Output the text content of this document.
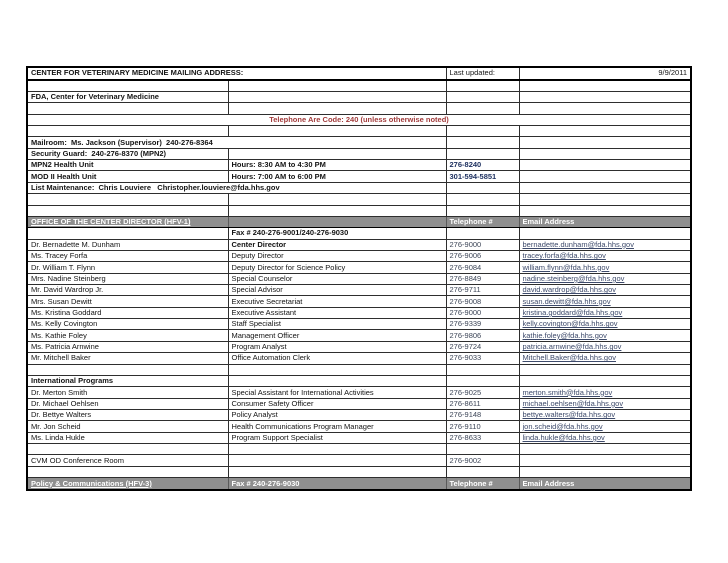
CENTER FOR VETERINARY MEDICINE MAILING ADDRESS:		Last updated:	9/9/2011

FDA, Center for Veterinary Medicine			

Telephone Are Code: 240 (unless otherwise noted)			

Mailroom:  Ms. Jackson (Supervisor)  240-276-8364			
Security Guard:  240-276-8370 (MPN2)			
MPN2 Health Unit	Hours: 8:30 AM to 4:30 PM	276-8240	
MOD II Health Unit	Hours: 7:00 AM to 6:00 PM	301-594-5851	
List Maintenance:  Chris Louviere   Christopher.louviere@fda.hhs.gov			

OFFICE OF THE CENTER DIRECTOR (HFV-1)		Telephone #	Email Address
	Fax # 240-276-9001/240-276-9030		
Dr. Bernadette M. Dunham	Center Director	276-9000	bernadette.dunham@fda.hhs.gov
Ms. Tracey Forfa	Deputy Director	276-9006	tracey.forfa@fda.hhs.gov
Dr. William T. Flynn	Deputy Director for Science Policy	276-9084	william.flynn@fda.hhs.gov
Mrs. Nadine Steinberg	Special Counselor	276-8849	nadine.steinberg@fda.hhs.gov
Mr. David Wardrop Jr.	Special Advisor	276-9711	david.wardrop@fda.hhs.gov
Mrs. Susan Dewitt	Executive Secretariat	276-9008	susan.dewitt@fda.hhs.gov
Ms. Kristina Goddard	Executive Assistant	276-9000	kristina.goddard@fda.hhs.gov
Ms. Kelly Covington	Staff Specialist	276-9339	kelly.covington@fda.hhs.gov
Ms. Kathie Foley	Management Officer	276-9806	kathie.foley@fda.hhs.gov
Ms. Patricia Arnwine	Program Analyst	276-9724	patricia.arnwine@fda.hhs.gov
Mr. Mitchell Baker	Office Automation Clerk	276-9033	Mitchell.Baker@fda.hhs.gov

International Programs			
Dr. Merton Smith	Special Assistant for International Activities	276-9025	merton.smith@fda.hhs.gov
Dr. Michael Oehlsen	Consumer Safety Officer	276-8611	michael.oehlsen@fda.hhs.gov
Dr. Bettye Walters	Policy Analyst	276-9148	bettye.walters@fda.hhs.gov
Mr. Jon Scheid	Health Communications Program Manager	276-9110	jon.scheid@fda.hhs.gov
Ms. Linda Hukle	Program Support Specialist	276-8633	linda.hukle@fda.hhs.gov

CVM OD Conference Room		276-9002	

Policy & Communications (HFV-3)	Fax # 240-276-9030	Telephone #	Email Address
